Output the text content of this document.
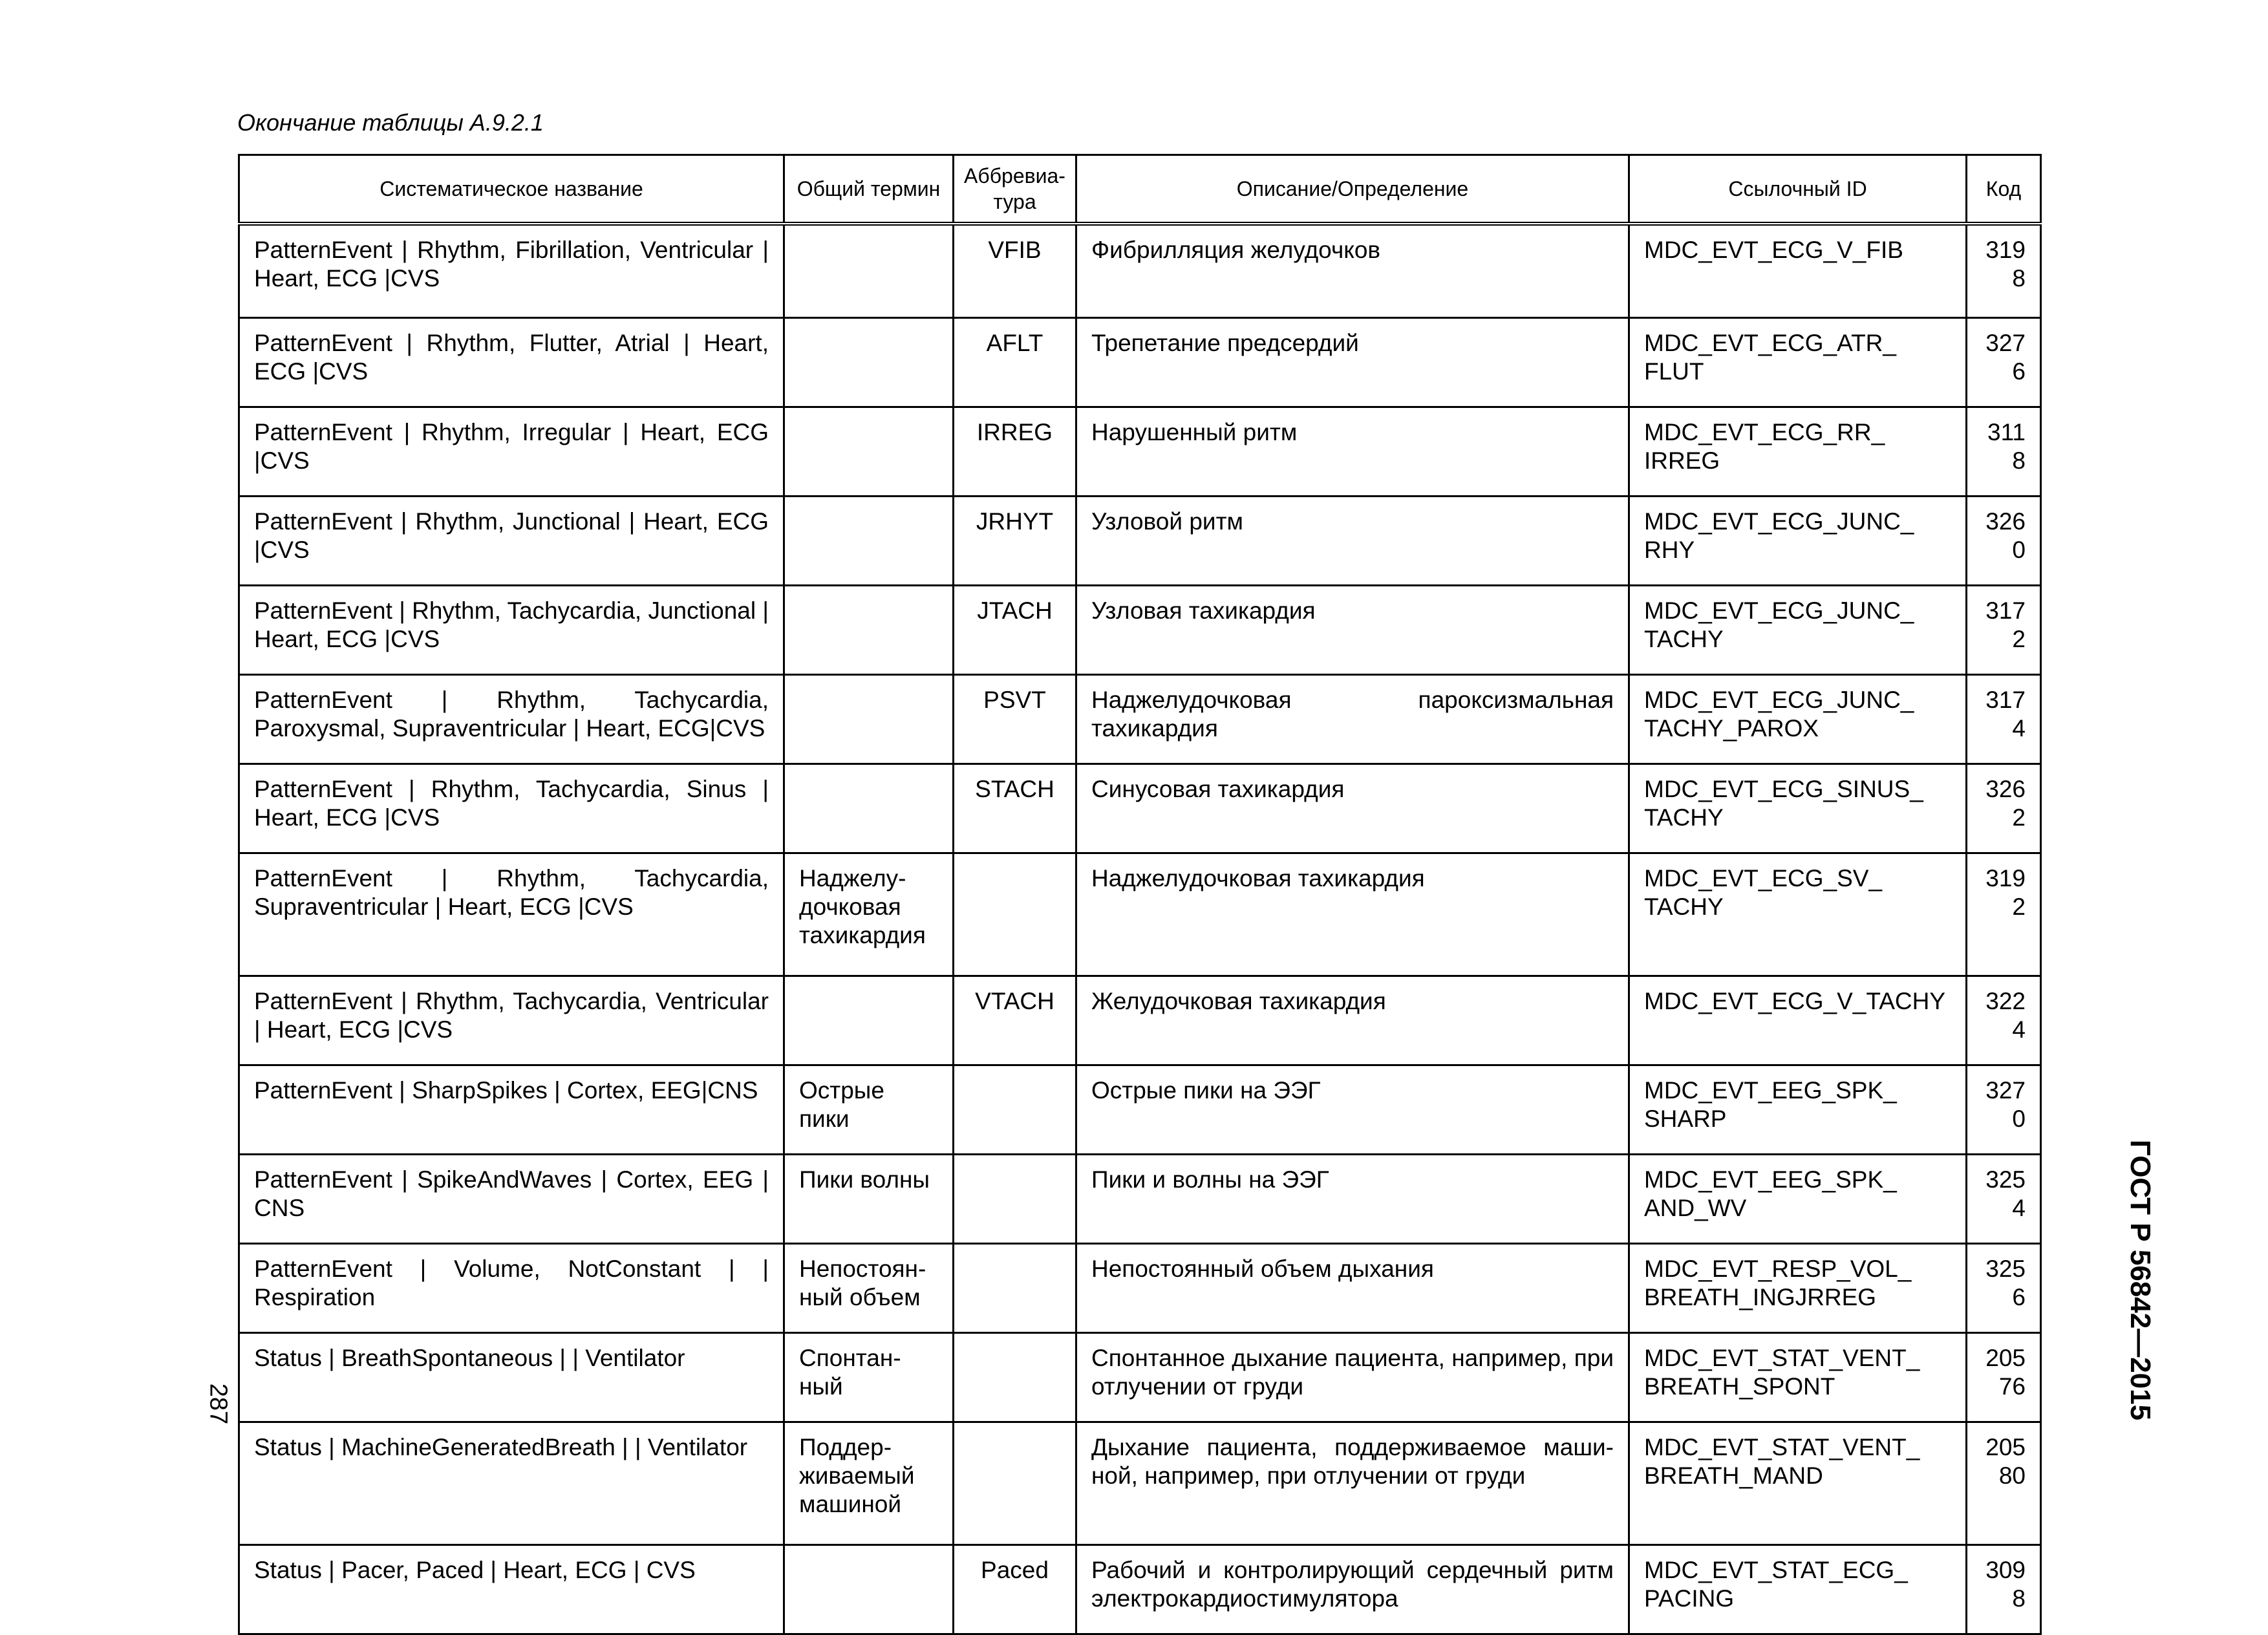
Окончание таблицы А.9.2.1
Систематическое название	Общий термин	Аббревиа-тура	Описание/Определение	Ссылочный ID	Код
PatternEvent | Rhythm, Fibrillation, Ventricular | Heart, ECG |CVS		VFIB	Фибрилляция желудочков	MDC_EVT_ECG_V_FIB	3198
PatternEvent | Rhythm, Flutter, Atrial | Heart, ECG |CVS		AFLT	Трепетание предсердий	MDC_EVT_ECG_ATR_ FLUT	3276
PatternEvent | Rhythm, Irregular | Heart, ECG |CVS		IRREG	Нарушенный ритм	MDC_EVT_ECG_RR_ IRREG	3118
PatternEvent | Rhythm, Junctional | Heart, ECG |CVS		JRHYT	Узловой ритм	MDC_EVT_ECG_JUNC_ RHY	3260
PatternEvent | Rhythm, Tachycardia, Junctional | Heart, ECG |CVS		JTACH	Узловая тахикардия	MDC_EVT_ECG_JUNC_ TACHY	3172
PatternEvent | Rhythm, Tachycardia, Paroxysmal, Supraventricular | Heart, ECG|CVS		PSVT	Наджелудочковая пароксизмальная тахикардия	MDC_EVT_ECG_JUNC_ TACHY_PAROX	3174
PatternEvent | Rhythm, Tachycardia, Sinus | Heart, ECG |CVS		STACH	Синусовая тахикардия	MDC_EVT_ECG_SINUS_ TACHY	3262
PatternEvent | Rhythm, Tachycardia, Supraventricular | Heart, ECG |CVS	Наджелу-дочковая тахикардия		Наджелудочковая тахикардия	MDC_EVT_ECG_SV_ TACHY	3192
PatternEvent | Rhythm, Tachycardia, Ventricular | Heart, ECG |CVS		VTACH	Желудочковая тахикардия	MDC_EVT_ECG_V_TACHY	3224
PatternEvent | SharpSpikes | Cortex, EEG|CNS	Острые пики		Острые пики на ЭЭГ	MDC_EVT_EEG_SPK_ SHARP	3270
PatternEvent | SpikeAndWaves | Cortex, EEG | CNS	Пики волны		Пики и волны на ЭЭГ	MDC_EVT_EEG_SPK_ AND_WV	3254
PatternEvent | Volume, NotConstant | | Respiration	Непостоян-ный объем		Непостоянный объем дыхания	MDC_EVT_RESP_VOL_ BREATH_INGJRREG	3256
Status | BreathSpontaneous | | Ventilator	Спонтан-ный		Спонтанное дыхание пациента, например, при отлучении от груди	MDC_EVT_STAT_VENT_ BREATH_SPONT	20576
Status | MachineGeneratedBreath | | Ventilator	Поддер-живаемый машиной		Дыхание пациента, поддерживаемое маши-ной, например, при отлучении от груди	MDC_EVT_STAT_VENT_ BREATH_MAND	20580
Status | Pacer, Paced | Heart, ECG | CVS		Paced	Рабочий и контролирующий сердечный ритм электрокардиостимулятора	MDC_EVT_STAT_ECG_ PACING	3098
287	ГОСТ Р 56842—2015
